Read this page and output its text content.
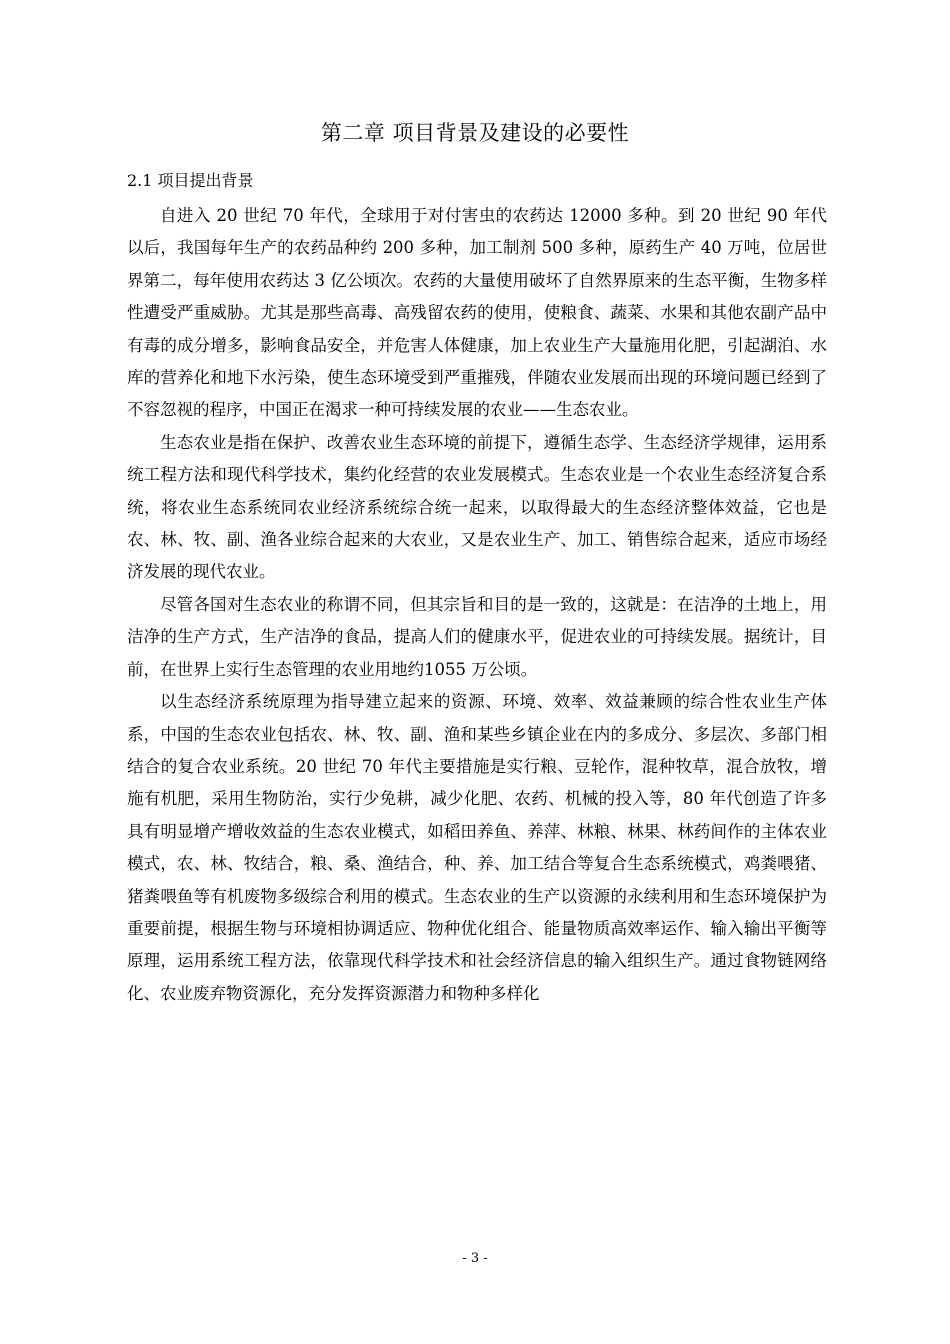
第二章 项目背景及建设的必要性
2.1 项目提出背景

自进入 20 世纪 70 年代，全球用于对付害虫的农药达 12000 多种。到 20 世纪 90 年代以后，我国每年生产的农药品种约 200 多种，加工制剂 500 多种，原药生产 40 万吨，位居世界第二，每年使用农药达 3 亿公顷次。农药的大量使用破坏了自然界原来的生态平衡，生物多样性遭受严重威胁。尤其是那些高毒、高残留农药的使用，使粮食、蔬菜、水果和其他农副产品中有毒的成分增多，影响食品安全，并危害人体健康，加上农业生产大量施用化肥，引起湖泊、水库的营养化和地下水污染，使生态环境受到严重摧残，伴随农业发展而出现的环境问题已经到了不容忽视的程序，中国正在渴求一种可持续发展的农业——生态农业。

生态农业是指在保护、改善农业生态环境的前提下，遵循生态学、生态经济学规律，运用系统工程方法和现代科学技术，集约化经营的农业发展模式。生态农业是一个农业生态经济复合系统，将农业生态系统同农业经济系统综合统一起来，以取得最大的生态经济整体效益，它也是农、林、牧、副、渔各业综合起来的大农业，又是农业生产、加工、销售综合起来，适应市场经济发展的现代农业。

尽管各国对生态农业的称谓不同，但其宗旨和目的是一致的，这就是：在洁净的土地上，用洁净的生产方式，生产洁净的食品，提高人们的健康水平，促进农业的可持续发展。据统计，目前，在世界上实行生态管理的农业用地约1055 万公顷。

以生态经济系统原理为指导建立起来的资源、环境、效率、效益兼顾的综合性农业生产体系，中国的生态农业包括农、林、牧、副、渔和某些乡镇企业在内的多成分、多层次、多部门相结合的复合农业系统。20 世纪 70 年代主要措施是实行粮、豆轮作，混种牧草，混合放牧，增施有机肥，采用生物防治，实行少免耕，减少化肥、农药、机械的投入等，80 年代创造了许多具有明显增产增收效益的生态农业模式，如稻田养鱼、养萍、林粮、林果、林药间作的主体农业模式，农、林、牧结合，粮、桑、渔结合，种、养、加工结合等复合生态系统模式，鸡粪喂猪、猪粪喂鱼等有机废物多级综合利用的模式。生态农业的生产以资源的永续利用和生态环境保护为重要前提，根据生物与环境相协调适应、物种优化组合、能量物质高效率运作、输入输出平衡等原理，运用系统工程方法，依靠现代科学技术和社会经济信息的输入组织生产。通过食物链网络化、农业废弃物资源化，充分发挥资源潜力和物种多样化

- 3 -
